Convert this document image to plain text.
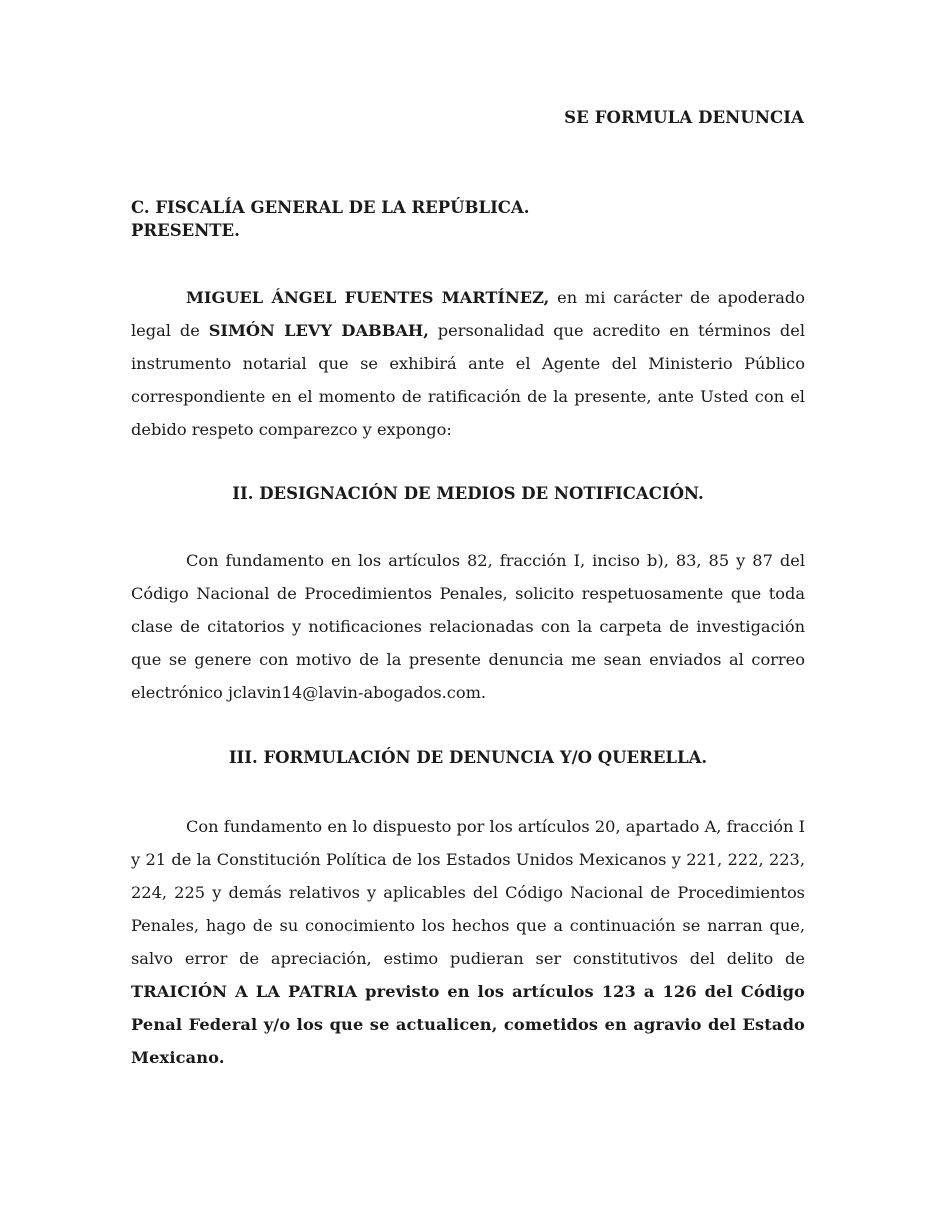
SE FORMULA DENUNCIA
C. FISCALÍA GENERAL DE LA REPÚBLICA.
PRESENTE.
MIGUEL ÁNGEL FUENTES MARTÍNEZ, en mi carácter de apoderado legal de SIMÓN LEVY DABBAH, personalidad que acredito en términos del instrumento notarial que se exhibirá ante el Agente del Ministerio Público correspondiente en el momento de ratificación de la presente, ante Usted con el debido respeto comparezco y expongo:
II. DESIGNACIÓN DE MEDIOS DE NOTIFICACIÓN.
Con fundamento en los artículos 82, fracción I, inciso b), 83, 85 y 87 del Código Nacional de Procedimientos Penales, solicito respetuosamente que toda clase de citatorios y notificaciones relacionadas con la carpeta de investigación que se genere con motivo de la presente denuncia me sean enviados al correo electrónico jclavin14@lavin-abogados.com.
III. FORMULACIÓN DE DENUNCIA Y/O QUERELLA.
Con fundamento en lo dispuesto por los artículos 20, apartado A, fracción I y 21 de la Constitución Política de los Estados Unidos Mexicanos y 221, 222, 223, 224, 225 y demás relativos y aplicables del Código Nacional de Procedimientos Penales, hago de su conocimiento los hechos que a continuación se narran que, salvo error de apreciación, estimo pudieran ser constitutivos del delito de TRAICIÓN A LA PATRIA previsto en los artículos 123 a 126 del Código Penal Federal y/o los que se actualicen, cometidos en agravio del Estado Mexicano.
